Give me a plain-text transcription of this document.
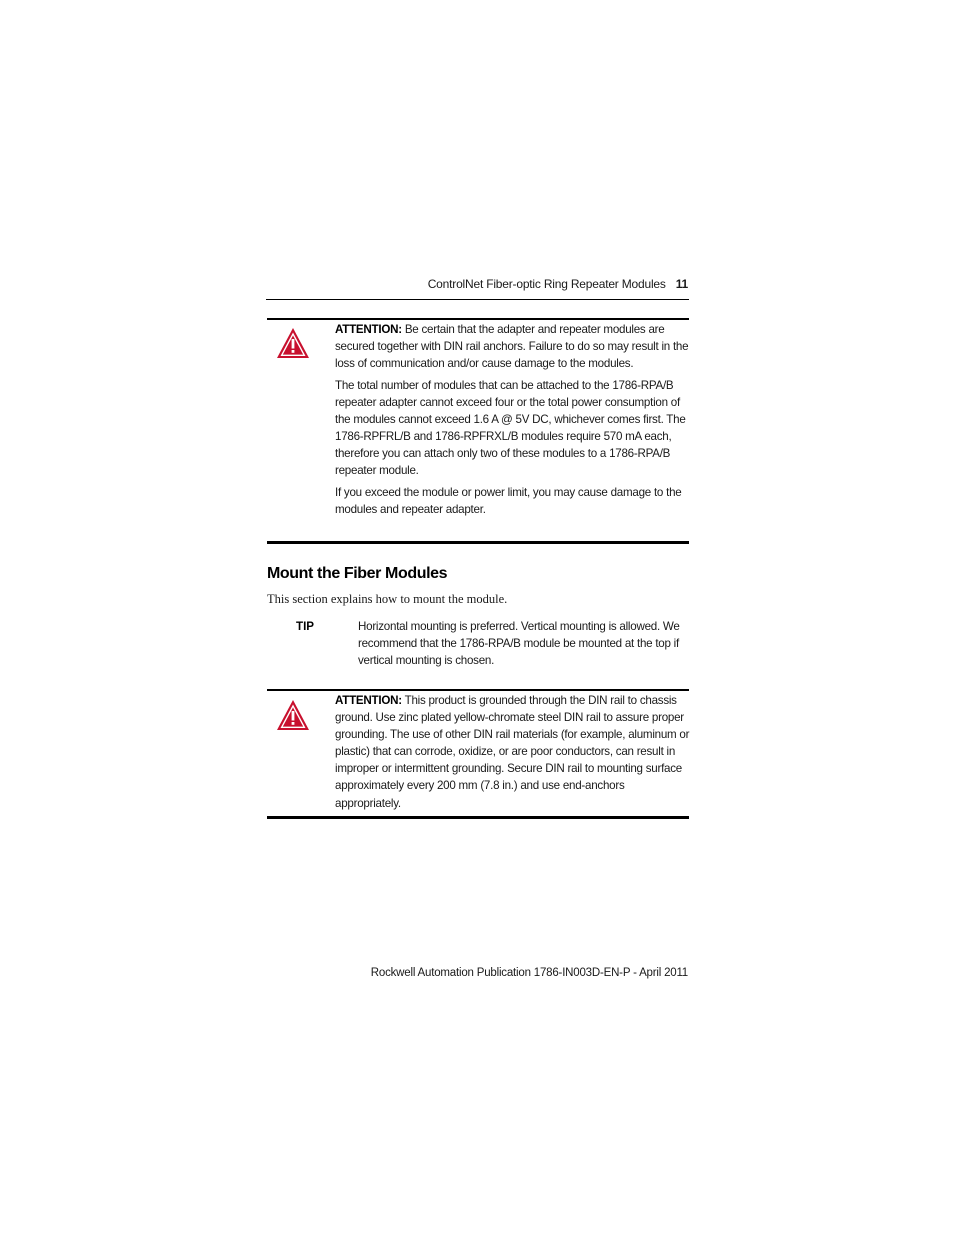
ControlNet Fiber-optic Ring Repeater Modules 11

ATTENTION: Be certain that the adapter and repeater modules are secured together with DIN rail anchors. Failure to do so may result in the loss of communication and/or cause damage to the modules.

The total number of modules that can be attached to the 1786-RPA/B repeater adapter cannot exceed four or the total power consumption of the modules cannot exceed 1.6 A @ 5V DC, whichever comes first. The 1786-RPFRL/B and 1786-RPFRXL/B modules require 570 mA each, therefore you can attach only two of these modules to a 1786-RPA/B repeater module.

If you exceed the module or power limit, you may cause damage to the modules and repeater adapter.

Mount the Fiber Modules
This section explains how to mount the module.
TIP	Horizontal mounting is preferred. Vertical mounting is allowed. We recommend that the 1786-RPA/B module be mounted at the top if vertical mounting is chosen.

ATTENTION: This product is grounded through the DIN rail to chassis ground. Use zinc plated yellow-chromate steel DIN rail to assure proper grounding. The use of other DIN rail materials (for example, aluminum or plastic) that can corrode, oxidize, or are poor conductors, can result in improper or intermittent grounding. Secure DIN rail to mounting surface approximately every 200 mm (7.8 in.) and use end-anchors appropriately.

Rockwell Automation Publication 1786-IN003D-EN-P - April 2011
